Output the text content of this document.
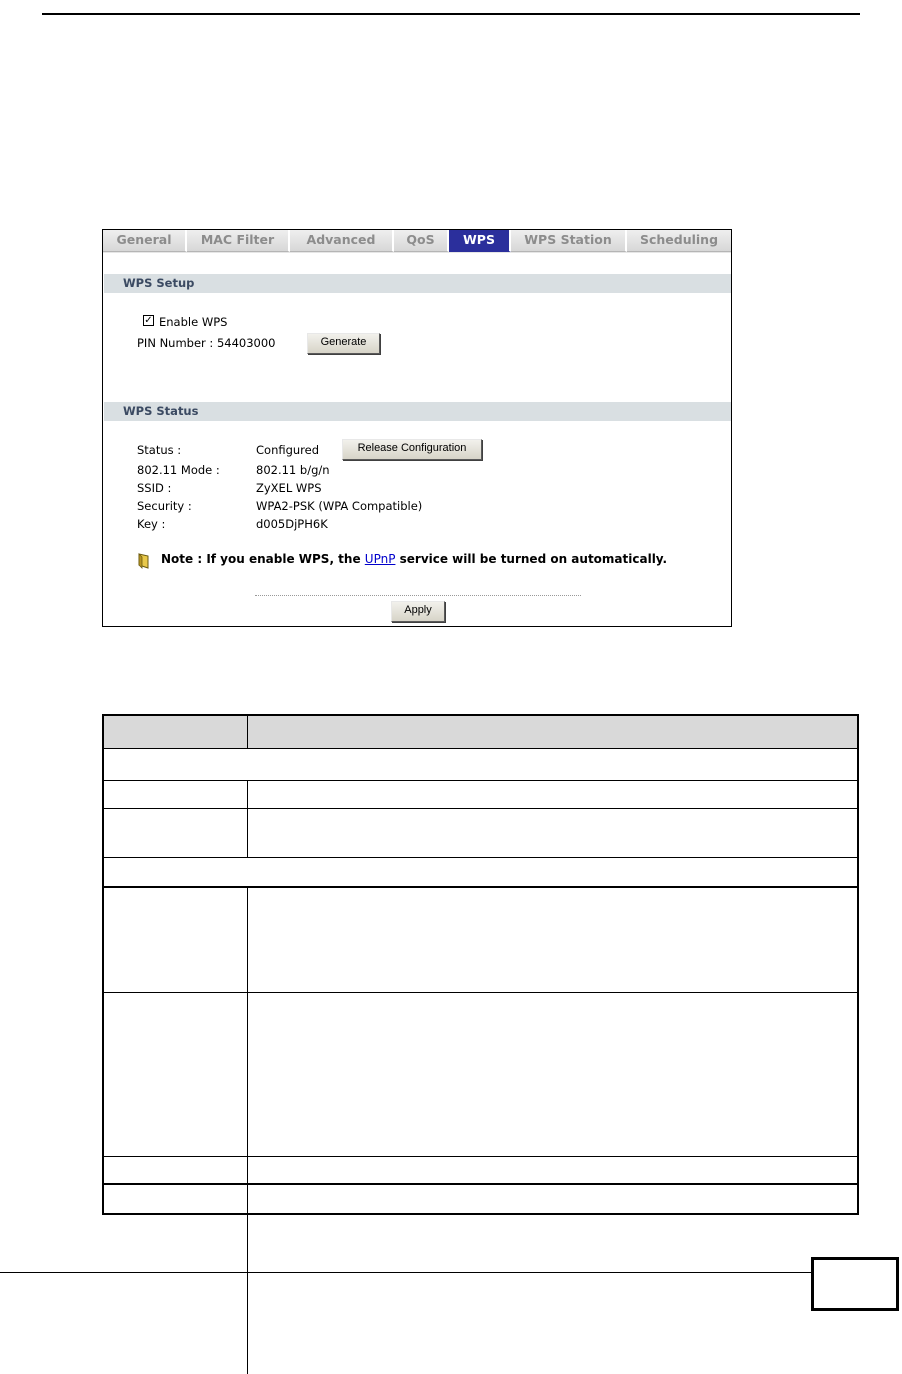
General	MAC Filter	Advanced	QoS	WPS	WPS Station	Scheduling
WPS Setup
✓ Enable WPS
PIN Number : 54403000	Generate
WPS Status
Status :	Configured	Release Configuration
802.11 Mode :	802.11 b/g/n
SSID :	ZyXEL WPS
Security :	WPA2-PSK (WPA Compatible)
Key :	d005DjPH6K
Note : If you enable WPS, the UPnP service will be turned on automatically.
Apply
